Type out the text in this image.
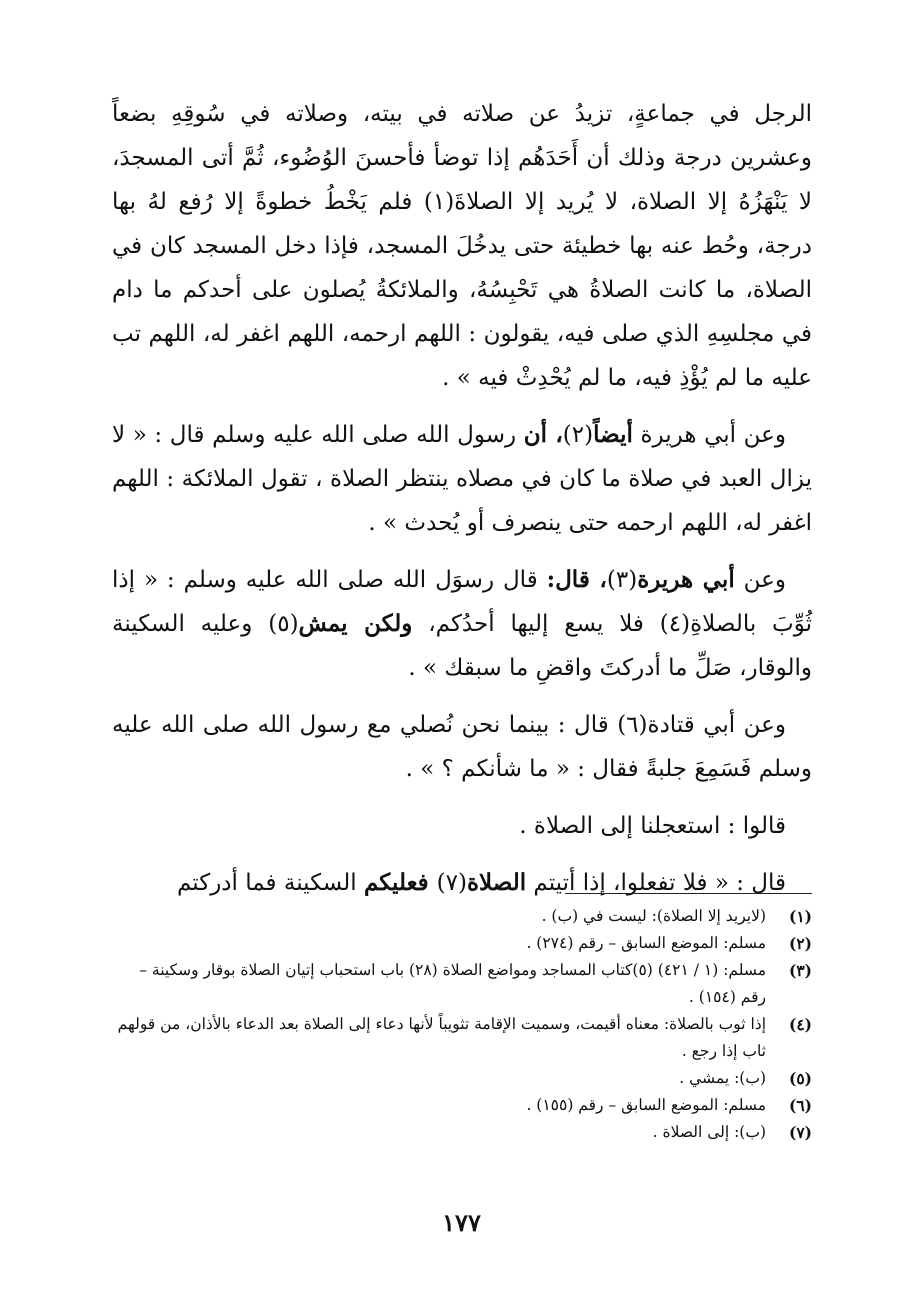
الرجل في جماعةٍ، تزيدُ عن صلاته في بيته، وصلاته في سُوقِهِ بضعاً وعشرين درجة وذلك أن أَحَدَهُم إذا توضأ فأحسنَ الوُضُوء، ثُمَّ أتى المسجدَ، لا يَنْهَزُهُ إلا الصلاة، لا يُريد إلا الصلاةَ(١) فلم يَخْطُ خطوةً إلا رُفع لهُ بها درجة، وحُط عنه بها خطيئة حتى يدخُلَ المسجد، فإذا دخل المسجد كان في الصلاة، ما كانت الصلاةُ هي تَحْبِسُهُ، والملائكةُ يُصلون على أحدكم ما دام في مجلسِهِ الذي صلى فيه، يقولون : اللهم ارحمه، اللهم اغفر له، اللهم تب عليه ما لم يُؤْذِ فيه، ما لم يُحْدِثْ فيه » .

وعن أبي هريرة أيضاً(٢)، أن رسول الله صلى الله عليه وسلم قال : « لا يزال العبد في صلاة ما كان في مصلاه ينتظر الصلاة ، تقول الملائكة : اللهم اغفر له، اللهم ارحمه حتى ينصرف أو يُحدث » .

وعن أبي هريرة(٣)، قال: قال رسوَل الله صلى الله عليه وسلم : « إذا ثُوِّبَ بالصلاةِ(٤) فلا يسع إليها أحدُكم، ولكن يمش(٥) وعليه السكينة والوقار، صَلِّ ما أدركتَ واقضِ ما سبقك » .

وعن أبي قتادة(٦) قال : بينما نحن نُصلي مع رسول الله صلى الله عليه وسلم فَسَمِعَ جلبةً فقال : « ما شأنكم ؟ » .

قالوا : استعجلنا إلى الصلاة .

قال : « فلا تفعلوا، إذا أتيتم الصلاة(٧) فعليكم السكينة فما أدركتم

(١)
(لايريد إلا الصلاة): ليست في (ب) .
(٢)
مسلم: الموضع السابق – رقم (٢٧٤) .
(٣)
مسلم: (١ / ٤٢١) (٥)كتاب المساجد ومواضع الصلاة (٢٨) باب استحباب إتيان الصلاة بوقار وسكينة – رقم (١٥٤) .
(٤)
إذا ثوب بالصلاة: معناه أقيمت، وسميت الإقامة تثويباً لأنها دعاء إلى الصلاة بعد الدعاء بالأذان، من قولهم ثاب إذا رجع .
(٥)
(ب): يمشي .
(٦)
مسلم: الموضع السابق – رقم (١٥٥) .
(٧)
(ب): إلى الصلاة .
١٧٧
